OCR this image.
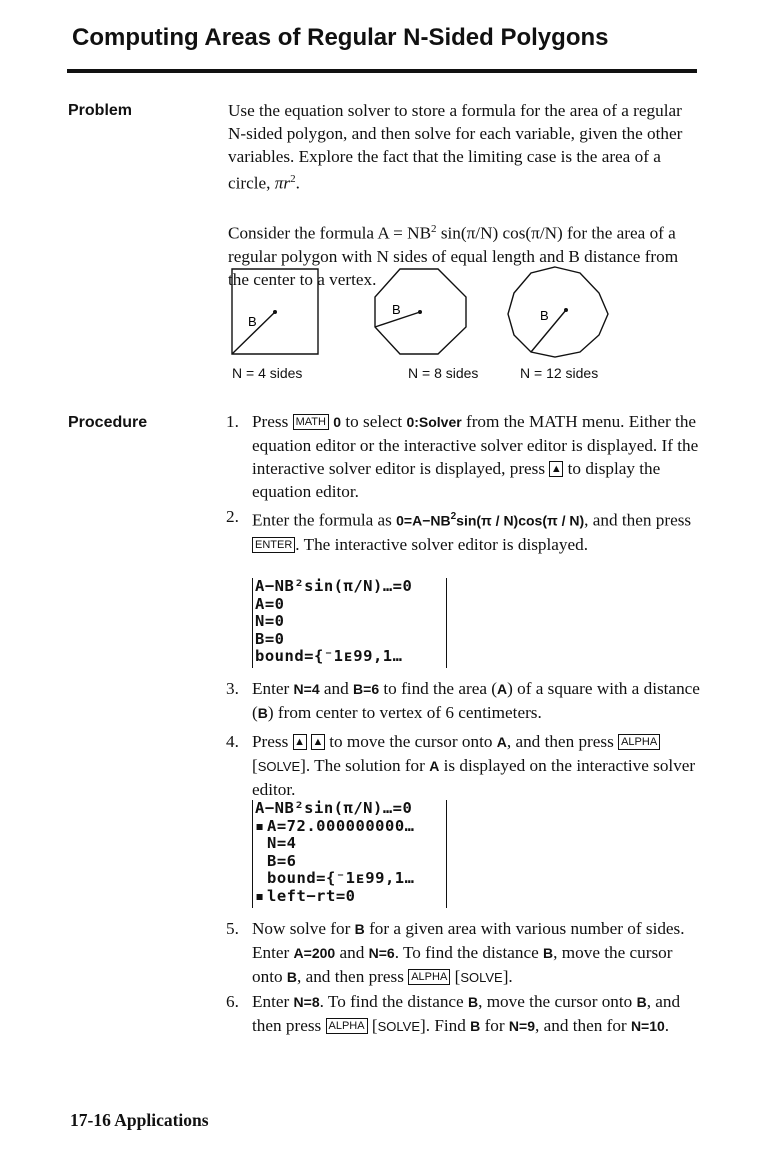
Computing Areas of Regular N-Sided Polygons
Problem	Use the equation solver to store a formula for the area of a regular N-sided polygon, and then solve for each variable, given the other variables. Explore the fact that the limiting case is the area of a circle, $\pi r^2$.
Consider the formula $A = NB^2$ sin(π/N) cos(π/N) for the area of a regular polygon with N sides of equal length and B distance from the center to a vertex.
B
B	B
N = 4 sides	N = 8 sides	N = 12 sides
Procedure	1. Press MATH 0 to select 0:Solver from the MATH menu. Either the equation editor or the interactive solver editor is displayed. If the interactive solver editor is displayed, press ▲ to display the equation editor.
2. Enter the formula as $0=A-NB^2\sin(\pi / N)\cos(\pi / N)$, and then press ENTER . The interactive solver editor is displayed.
A−NB²sin(π/N)…=0
A=0
N=0
B=0
bound={⁻1ᴇ99,1…
3. Enter N=4 and B=6 to find the area (A) of a square with a distance (B) from center to vertex of 6 centimeters.
4. Press ▲ ▲ to move the cursor onto A, and then press ALPHA [SOLVE]. The solution for A is displayed on the interactive solver editor.
A−NB²sin(π/N)…=0
▪ A=72.000000000…
N=4
B=6
bound={⁻1ᴇ99,1…
▪ left−rt=0
5. Now solve for B for a given area with various number of sides. Enter A=200 and N=6. To find the distance B, move the cursor onto B, and then press ALPHA [SOLVE].
6. Enter N=8. To find the distance B, move the cursor onto B, and then press ALPHA [SOLVE]. Find B for N=9, and then for N=10.
17-16 Applications
